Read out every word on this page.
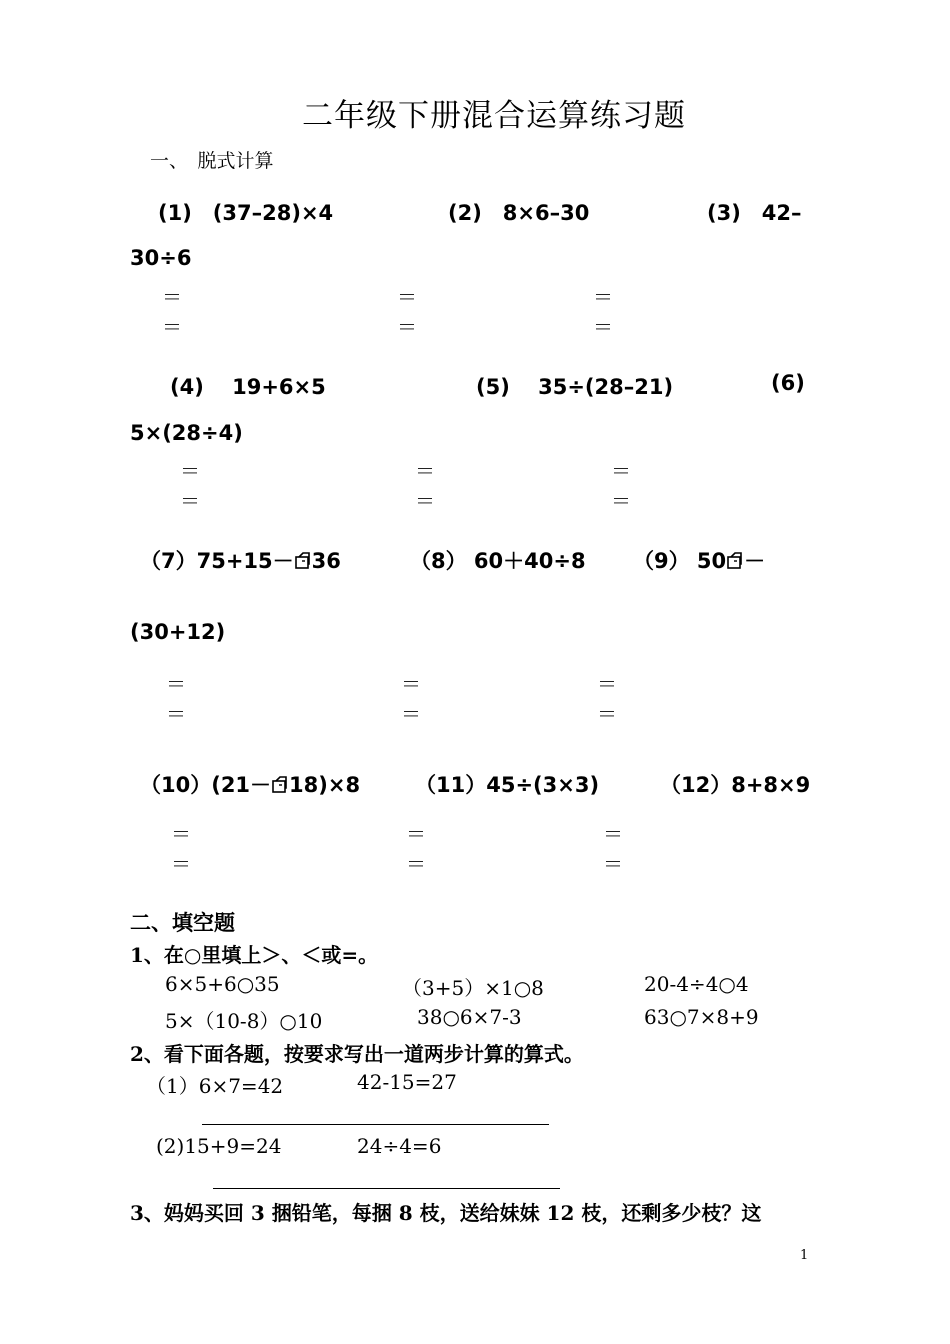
二年级下册混合运算练习题
一、　脱式计算
(1)　(37–28)×4	(2)　8×6–30	(3)　42–
30÷6
＝	＝	＝
＝	＝	＝
(4)　 19+6×5	(5)　 35÷(28–21)	(6)
5×(28÷4)
＝	＝	＝
＝	＝	＝
（7）75+15－ 36	（8） 60＋40÷8 （9） 50 －
(30+12)
＝	＝	＝
＝	＝	＝
（10）(21－ 18)×8	（11）45÷(3×3)	（12）8+8×9
＝	＝	＝
＝	＝	＝
二、填空题
1、在○里填上＞、＜或=。
6×5+6○35	（3+5）×1○8	20-4÷4○4
5×（10-8）○10	38○6×7-3	63○7×8+9
2、看下面各题，按要求写出一道两步计算的算式。
（1）6×7=42	42-15=27
(2)15+9=24	24÷4=6
3、妈妈买回 3 捆铅笔，每捆 8 枝，送给妹妹 12 枝，还剩多少枝？这
1
